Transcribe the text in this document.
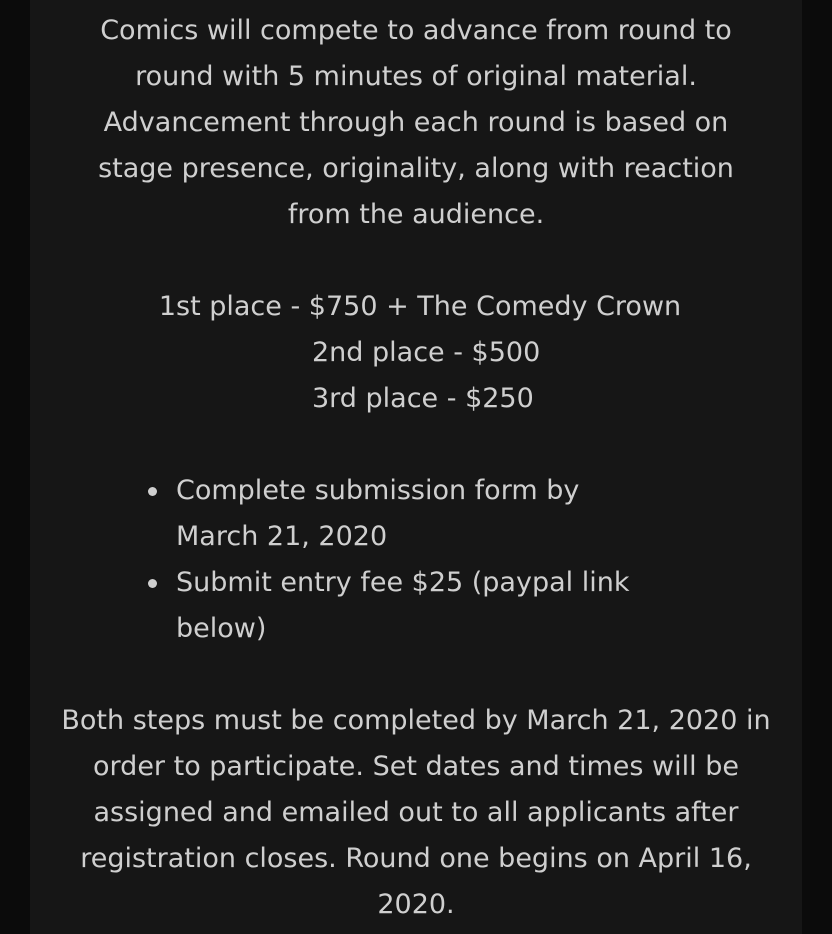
Comics will compete to advance from round to round with 5 minutes of original material. Advancement through each round is based on stage presence, originality, along with reaction from the audience.

1st place - $750 + The Comedy Crown
2nd place - $500
3rd place - $250
Complete submission form by March 21, 2020
Submit entry fee $25 (paypal link below)

Both steps must be completed by March 21, 2020 in order to participate. Set dates and times will be assigned and emailed out to all applicants after registration closes. Round one begins on April 16, 2020.
